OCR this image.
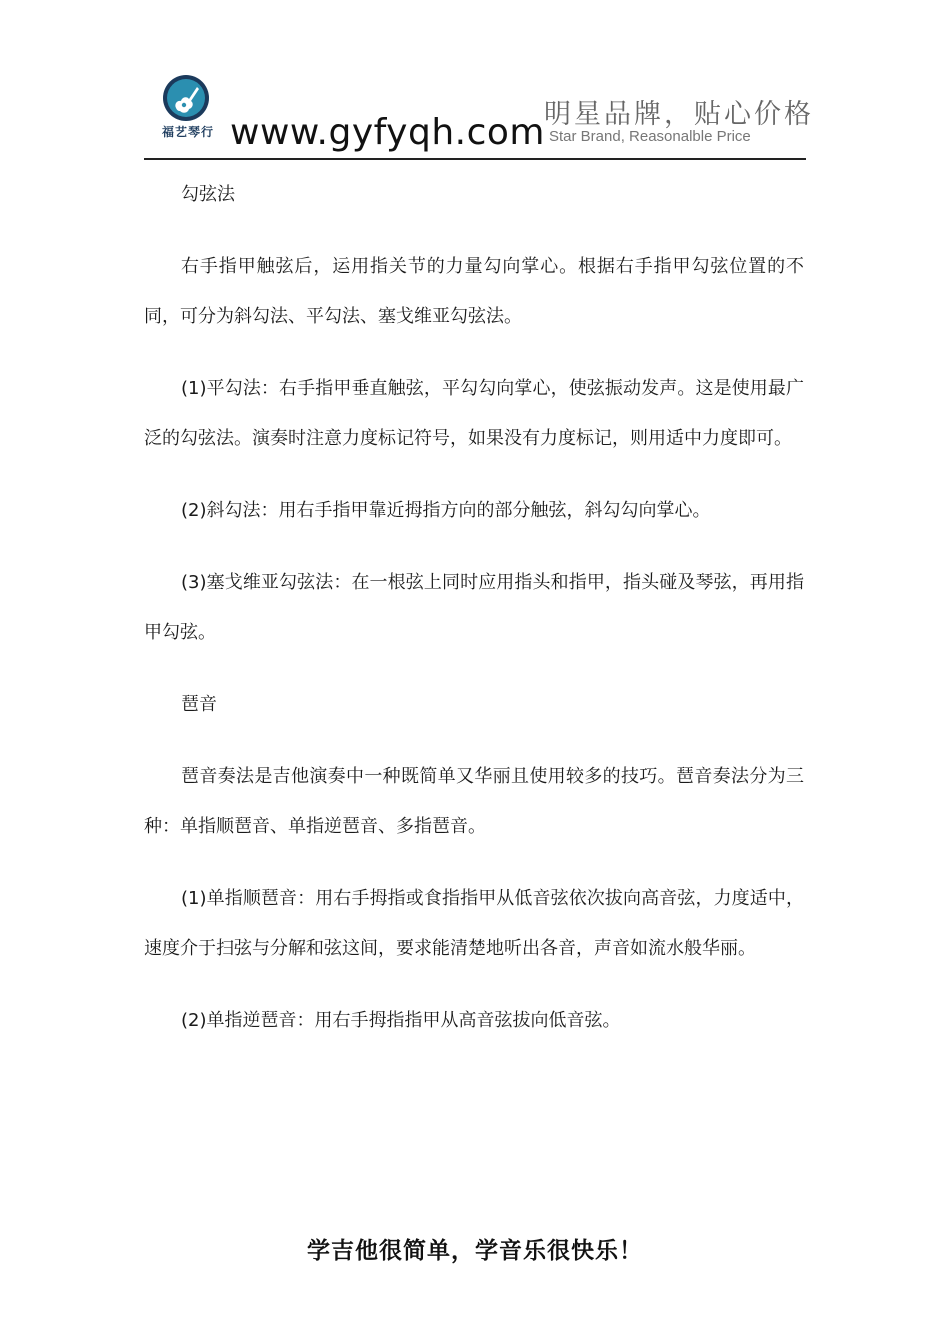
福艺琴行 www.gyfyqh.com 明星品牌，贴心价格
Star Brand, Reasonalble Price

勾弦法

右手指甲触弦后，运用指关节的力量勾向掌心。根据右手指甲勾弦位置的不同，可分为斜勾法、平勾法、塞戈维亚勾弦法。

(1)平勾法：右手指甲垂直触弦，平勾勾向掌心，使弦振动发声。这是使用最广泛的勾弦法。演奏时注意力度标记符号，如果没有力度标记，则用适中力度即可。

(2)斜勾法：用右手指甲靠近拇指方向的部分触弦，斜勾勾向掌心。

(3)塞戈维亚勾弦法：在一根弦上同时应用指头和指甲，指头碰及琴弦，再用指甲勾弦。

琶音

琶音奏法是吉他演奏中一种既简单又华丽且使用较多的技巧。琶音奏法分为三种：单指顺琶音、单指逆琶音、多指琶音。

(1)单指顺琶音：用右手拇指或食指指甲从低音弦依次拔向高音弦，力度适中，速度介于扫弦与分解和弦这间，要求能清楚地听出各音，声音如流水般华丽。

(2)单指逆琶音：用右手拇指指甲从高音弦拔向低音弦。

学吉他很简单，学音乐很快乐！
